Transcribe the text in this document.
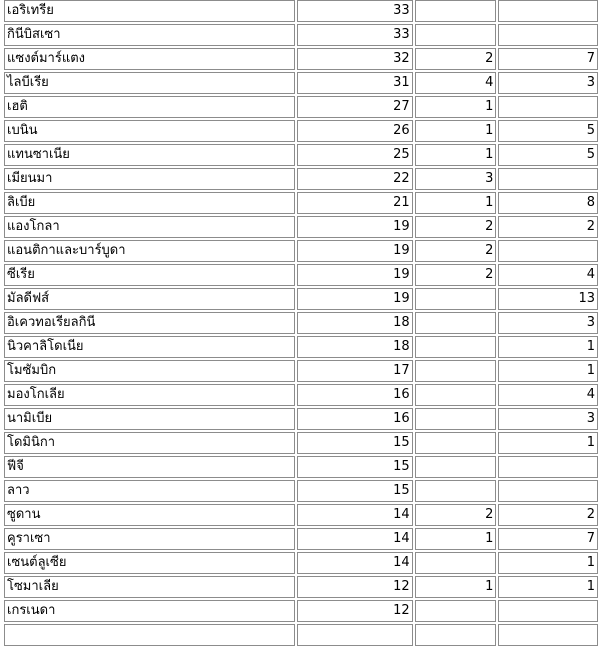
เอริเทรีย	33		
กินีบิสเซา	33		
แซงต์มาร์แตง	32	2	7
ไลบีเรีย	31	4	3
เฮติ	27	1	
เบนิน	26	1	5
แทนซาเนีย	25	1	5
เมียนมา	22	3	
ลิเบีย	21	1	8
แองโกลา	19	2	2
แอนติกาและบาร์บูดา	19	2	
ซีเรีย	19	2	4
มัลดีฟส์	19		13
อิเควทอเรียลกินี	18		3
นิวคาลิโดเนีย	18		1
โมซัมบิก	17		1
มองโกเลีย	16		4
นามิเบีย	16		3
โดมินิกา	15		1
ฟีจี	15		
ลาว	15		
ซูดาน	14	2	2
คูราเซา	14	1	7
เซนต์ลูเซีย	14		1
โซมาเลีย	12	1	1
เกรเนดา	12		
